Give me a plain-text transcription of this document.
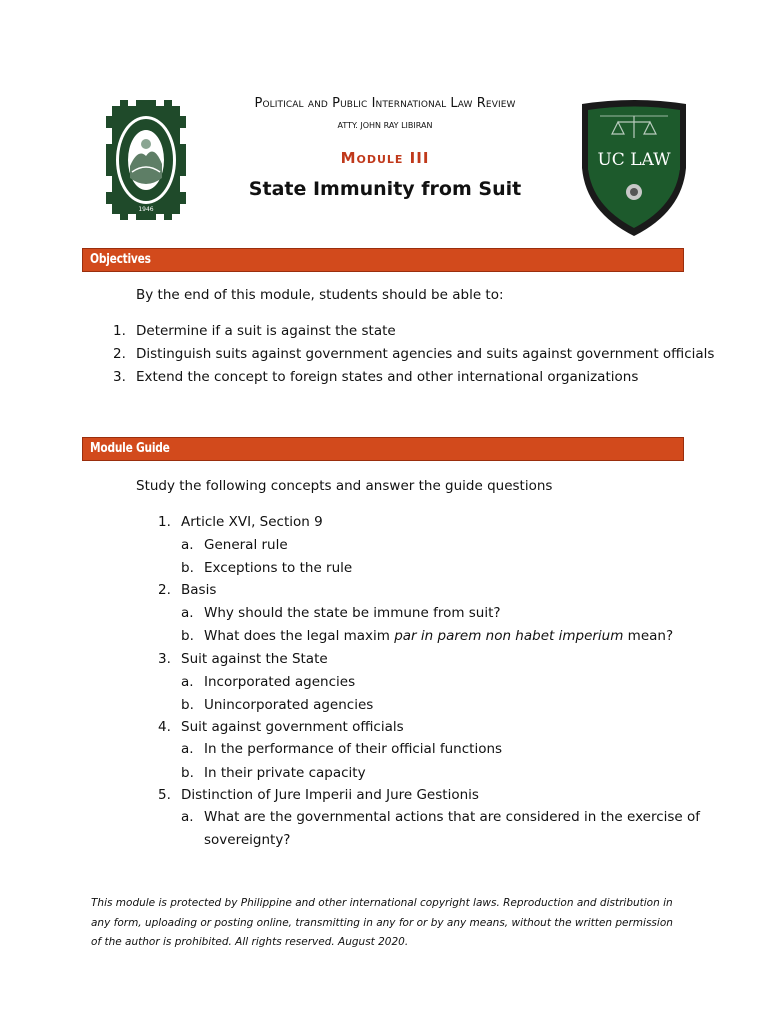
Political and Public International Law Review
ATTY. JOHN RAY LIBIRAN
Module III
State Immunity from Suit
1946
UC LAW
Objectives
By the end of this module, students should be able to:
1. Determine if a suit is against the state
2. Distinguish suits against government agencies and suits against government officials
3. Extend the concept to foreign states and other international organizations
Module Guide
Study the following concepts and answer the guide questions
1. Article XVI, Section 9
a. General rule
b. Exceptions to the rule
2. Basis
a. Why should the state be immune from suit?
b. What does the legal maxim par in parem non habet imperium mean?
3. Suit against the State
a. Incorporated agencies
b. Unincorporated agencies
4. Suit against government officials
a. In the performance of their official functions
b. In their private capacity
5. Distinction of Jure Imperii and Jure Gestionis
a. What are the governmental actions that are considered in the exercise of
sovereignty?
This module is protected by Philippine and other international copyright laws. Reproduction and distribution in any form, uploading or posting online, transmitting in any for or by any means, without the written permission of the author is prohibited. All rights reserved. August 2020.
